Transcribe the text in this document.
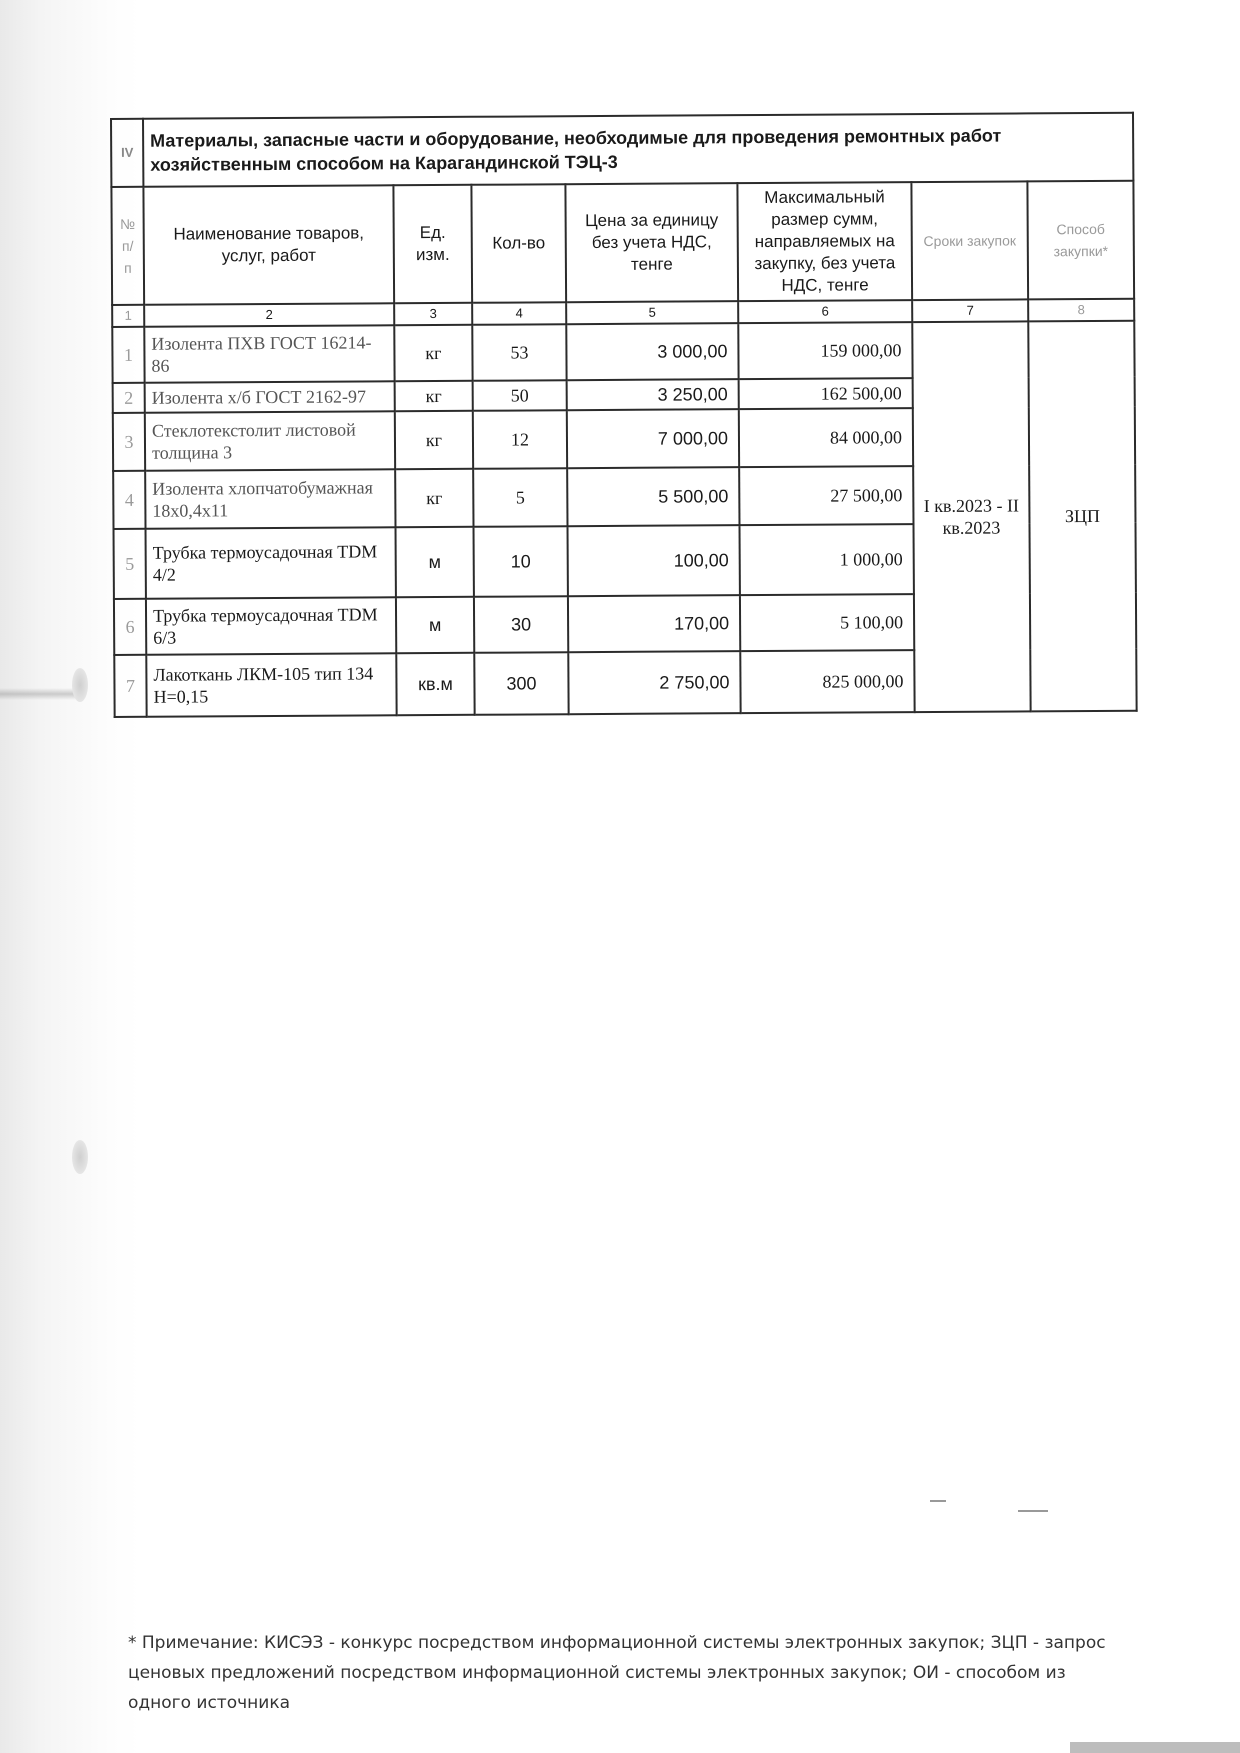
IV	Материалы, запасные части и оборудование, необходимые для проведения ремонтных работ хозяйственным способом на Карагандинской ТЭЦ-3						
№ п/п	Наименование товаров, услуг, работ	Ед. изм.	Кол-во	Цена за единицу без учета НДС, тенге	Максимальный размер сумм, направляемых на закупку, без учета НДС, тенге	Сроки закупок	Способ закупки*
1	2	3	4	5	6	7	8
1	Изолента ПХВ ГОСТ 16214-86	кг	53	3 000,00	159 000,00	I кв.2023 - II кв.2023	ЗЦП
2	Изолента х/б ГОСТ 2162-97	кг	50	3 250,00	162 500,00		
3	Стеклотекстолит листовой толщина 3	кг	12	7 000,00	84 000,00		
4	Изолента хлопчатобумажная 18х0,4х11	кг	5	5 500,00	27 500,00		
5	Трубка термоусадочная TDM 4/2	м	10	100,00	1 000,00		
6	Трубка термоусадочная TDM 6/3	м	30	170,00	5 100,00		
7	Лакоткань ЛКМ-105 тип 134 H=0,15	кв.м	300	2 750,00	825 000,00		
* Примечание: КИСЭЗ - конкурс посредством информационной системы электронных закупок; ЗЦП - запрос ценовых предложений посредством информационной системы электронных закупок; ОИ - способом из одного источника
